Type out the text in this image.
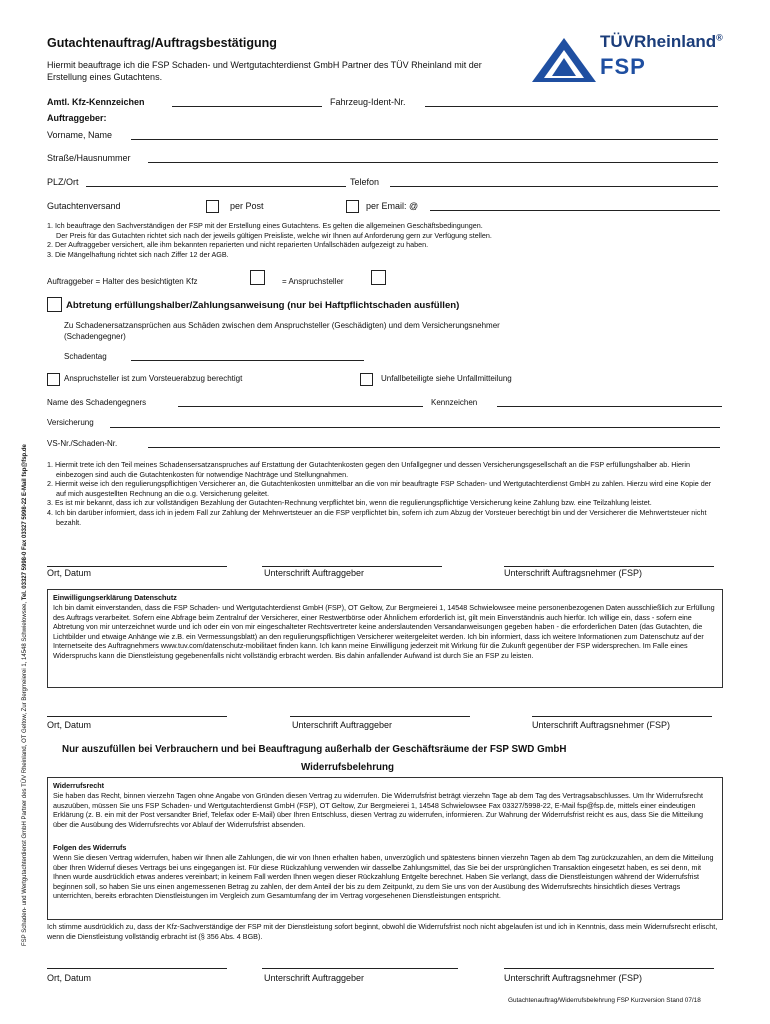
FSP Schaden- und Wertgutachterdienst GmbH Partner des TÜV Rheinland, OT Geltow, Zur Bergmeierei 1, 14548 Schwielowsee, Tel. 03327 5998-0 Fax 03327 5998-22 E-Mail fsp@fsp.de
Gutachtenauftrag/Auftragsbestätigung
Hiermit beauftrage ich die FSP Schaden- und Wertgutachterdienst GmbH Partner des TÜV Rheinland mit der Erstellung eines Gutachtens.
TÜVRheinland®
FSP
Amtl. Kfz-Kennzeichen	Fahrzeug-Ident-Nr.
Auftraggeber:
Vorname, Name
Straße/Hausnummer
PLZ/Ort	Telefon
Gutachtenversand	per Post	per Email: @
1. Ich beauftrage den Sachverständigen der FSP mit der Erstellung eines Gutachtens. Es gelten die allgemeinen Geschäftsbedingungen.
Der Preis für das Gutachten richtet sich nach der jeweils gültigen Preisliste, welche wir Ihnen auf Anforderung gern zur Verfügung stellen.
2. Der Auftraggeber versichert, alle ihm bekannten reparierten und nicht reparierten Unfallschäden aufgezeigt zu haben.
3. Die Mängelhaftung richtet sich nach Ziffer 12 der AGB.
Auftraggeber = Halter des besichtigten Kfz	= Anspruchsteller
Abtretung erfüllungshalber/Zahlungsanweisung (nur bei Haftpflichtschaden ausfüllen)
Zu Schadenersatzansprüchen aus Schäden zwischen dem Anspruchsteller (Geschädigten) und dem Versicherungsnehmer (Schadengegner)
Schadentag
Anspruchsteller ist zum Vorsteuerabzug berechtigt	Unfallbeteiligte siehe Unfallmitteilung
Name des Schadengegners	Kennzeichen
Versicherung
VS-Nr./Schaden-Nr.
1. Hiermit trete ich den Teil meines Schadensersatzanspruches auf Erstattung der Gutachtenkosten gegen den Unfallgegner und dessen Versicherungsgesellschaft an die FSP erfüllungshalber ab. Hierin einbezogen sind auch die Gutachtenkosten für notwendige Nachträge und Stellungnahmen.
2. Hiermit weise ich den regulierungspflichtigen Versicherer an, die Gutachtenkosten unmittelbar an die von mir beauftragte FSP Schaden- und Wertgutachterdienst GmbH zu zahlen. Hierzu wird eine Kopie der auf mich ausgestellten Rechnung an die o.g. Versicherung geleitet.
3. Es ist mir bekannt, dass ich zur vollständigen Bezahlung der Gutachten-Rechnung verpflichtet bin, wenn die regulierungspflichtige Versicherung keine Zahlung bzw. eine Teilzahlung leistet.
4. Ich bin darüber informiert, dass ich in jedem Fall zur Zahlung der Mehrwertsteuer an die FSP verpflichtet bin, sofern ich zum Abzug der Vorsteuer berechtigt bin und der Versicherer die Mehrwertsteuer nicht bezahlt.
Ort, Datum	Unterschrift Auftraggeber	Unterschrift Auftragsnehmer (FSP)
Einwilligungserklärung Datenschutz
Ich bin damit einverstanden, dass die FSP Schaden- und Wertgutachterdienst GmbH (FSP), OT Geltow, Zur Bergmeierei 1, 14548 Schwielowsee meine personenbezogenen Daten ausschließlich zur Erfüllung des Auftrags verarbeitet. Sofern eine Abfrage beim Zentralruf der Versicherer, einer Restwertbörse oder Ähnlichem erforderlich ist, gilt mein Einverständnis auch hierfür. Ich willige ein, dass - sofern eine Abtretung von mir unterzeichnet wurde und ich oder ein von mir eingeschalteter Rechtsvertreter keine anderslautenden Versandanweisungen gegeben haben - die erforderlichen Daten (das Gutachten, die Lichtbilder und etwaige Anhänge wie z.B. ein Vermessungsblatt) an den regulierungspflichtigen Versicherer weitergeleitet werden. Ich bin informiert, dass ich weitere Informationen zum Datenschutz auf der Internetseite des Auftragnehmers www.tuv.com/datenschutz-mobilitaet finden kann. Ich kann meine Einwilligung jederzeit mit Wirkung für die Zukunft gegenüber der FSP widersprechen. Im Falle eines Widerspruchs kann die Dienstleistung gegebenenfalls nicht vollständig erbracht werden. Bis dahin anfallender Aufwand ist durch Sie an FSP zu leisten.
Ort, Datum	Unterschrift Auftraggeber	Unterschrift Auftragsnehmer (FSP)
Nur auszufüllen bei Verbrauchern und bei Beauftragung außerhalb der Geschäftsräume der FSP SWD GmbH
Widerrufsbelehrung
Widerrufsrecht
Sie haben das Recht, binnen vierzehn Tagen ohne Angabe von Gründen diesen Vertrag zu widerrufen. Die Widerrufsfrist beträgt vierzehn Tage ab dem Tag des Vertragsabschlusses. Um Ihr Widerrufsrecht auszuüben, müssen Sie uns FSP Schaden- und Wertgutachterdienst GmbH (FSP), OT Geltow, Zur Bergmeierei 1, 14548 Schwielowsee Fax 03327/5998-22, E-Mail fsp@fsp.de, mittels einer eindeutigen Erklärung (z. B. ein mit der Post versandter Brief, Telefax oder E-Mail) über Ihren Entschluss, diesen Vertrag zu widerrufen, informieren. Zur Wahrung der Widerrufsfrist reicht es aus, dass Sie die Mitteilung über die Ausübung des Widerrufsrechts vor Ablauf der Widerrufsfrist absenden.
Folgen des Widerrufs
Wenn Sie diesen Vertrag widerrufen, haben wir Ihnen alle Zahlungen, die wir von Ihnen erhalten haben, unverzüglich und spätestens binnen vierzehn Tagen ab dem Tag zurückzuzahlen, an dem die Mitteilung über Ihren Widerruf dieses Vertrags bei uns eingegangen ist. Für diese Rückzahlung verwenden wir dasselbe Zahlungsmittel, das Sie bei der ursprünglichen Transaktion eingesetzt haben, es sei denn, mit Ihnen wurde ausdrücklich etwas anderes vereinbart; in keinem Fall werden Ihnen wegen dieser Rückzahlung Entgelte berechnet. Haben Sie verlangt, dass die Dienstleistungen während der Widerrufsfrist beginnen soll, so haben Sie uns einen angemessenen Betrag zu zahlen, der dem Anteil der bis zu dem Zeitpunkt, zu dem Sie uns von der Ausübung des Widerrufsrechts hinsichtlich dieses Vertrags unterrichten, bereits erbrachten Dienstleistungen im Vergleich zum Gesamtumfang der im Vertrag vorgesehenen Dienstleistungen entspricht.
Ich stimme ausdrücklich zu, dass der Kfz-Sachverständige der FSP mit der Dienstleistung sofort beginnt, obwohl die Widerrufsfrist noch nicht abgelaufen ist und ich in Kenntnis, dass mein Widerrufsrecht erlischt, wenn die Dienstleistung vollständig erbracht ist (§ 356 Abs. 4 BGB).
Ort, Datum	Unterschrift Auftraggeber	Unterschrift Auftragsnehmer (FSP)
Gutachtenauftrag/Widerrufsbelehrung FSP Kurzversion Stand 07/18
